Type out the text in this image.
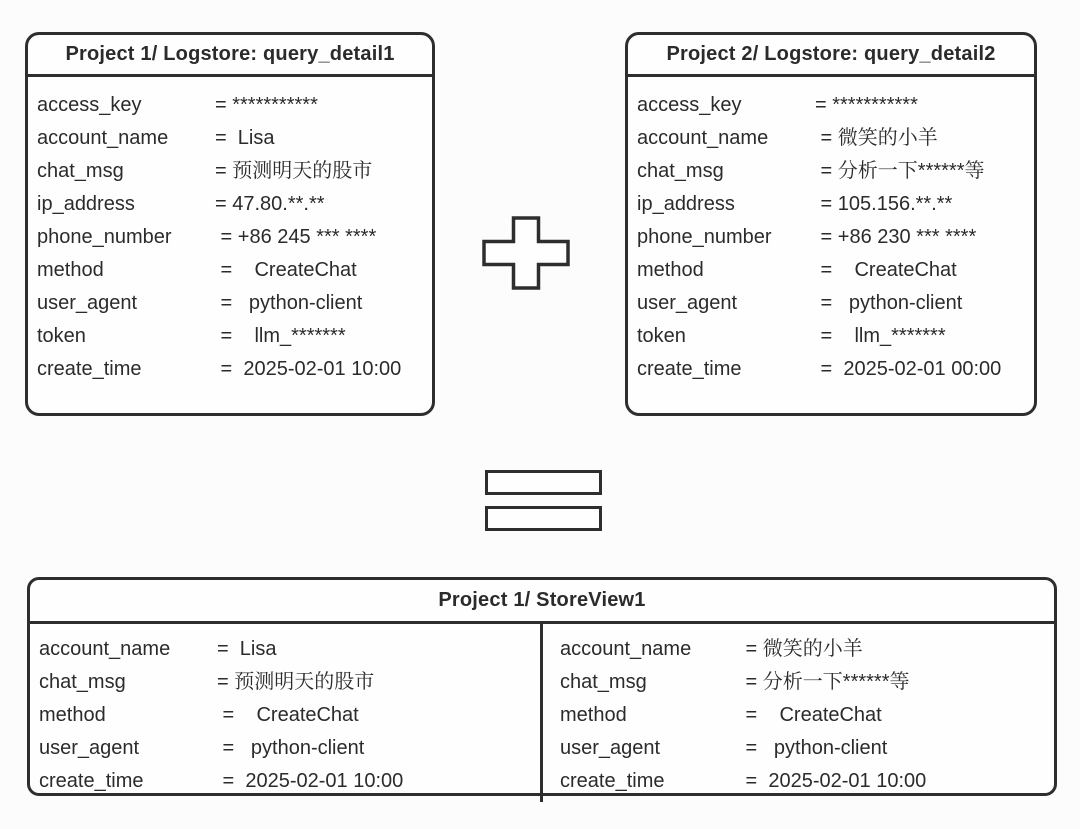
Project 1/ Logstore: query_detail1
access_key	= ***********
account_name =  Lisa
chat_msg	= 预测明天的股市
ip_address	= 47.80.**.**
phone_number = +86 245 *** ****
method	=    CreateChat
user_agent	=   python-client
token	=    llm_*******
create_time	=  2025-02-01 10:00
Project 2/ Logstore: query_detail2
access_key	= ***********
account_name = 微笑的小羊
chat_msg	= 分析一下******等
ip_address	= 105.156.**.**
phone_number = +86 230 *** ****
method	=    CreateChat
user_agent	=   python-client
token	=    llm_*******
create_time	=  2025-02-01 00:00
Project 1/ StoreView1
account_name =  Lisa
chat_msg	= 预测明天的股市
method	=    CreateChat
user_agent	=   python-client
create_time	=  2025-02-01 10:00
account_name = 微笑的小羊
chat_msg	= 分析一下******等
method	=    CreateChat
user_agent	=   python-client
create_time	=  2025-02-01 10:00
